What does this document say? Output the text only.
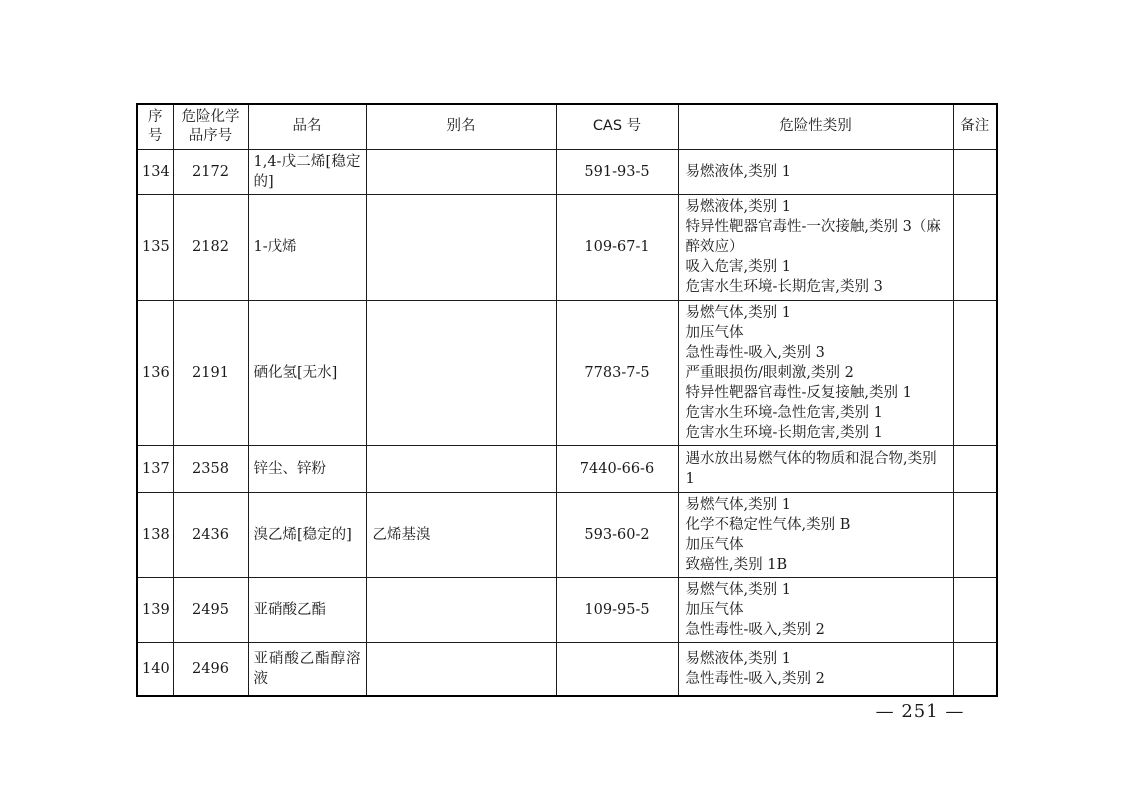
序号	危险化学品序号	品名	别名	CAS 号	危险性类别	备注
134	2172	1,4-戊二烯[稳定的]		591-93-5	易燃液体,类别 1	

135	2182	1-戊烯		109-67-1	易燃液体,类别 1
特异性靶器官毒性-一次接触,类别 3（麻醉效应）
吸入危害,类别 1
危害水生环境-长期危害,类别 3	

136	2191	硒化氢[无水]		7783-7-5	
易燃气体,类别 1
加压气体
急性毒性-吸入,类别 3
严重眼损伤/眼刺激,类别 2
特异性靶器官毒性-反复接触,类别 1
危害水生环境-急性危害,类别 1
危害水生环境-长期危害,类别 1

137	2358	锌尘、锌粉		7440-66-6	遇水放出易燃气体的物质和混合物,类别 1	

138	2436	溴乙烯[稳定的]	乙烯基溴	593-60-2	易燃气体,类别 1
化学不稳定性气体,类别 B
加压气体
致癌性,类别 1B	

139	2495	亚硝酸乙酯		109-95-5	易燃气体,类别 1
加压气体
急性毒性-吸入,类别 2	

140	2496	亚硝酸乙酯醇溶液			易燃液体,类别 1
急性毒性-吸入,类别 2	

— 251 —
